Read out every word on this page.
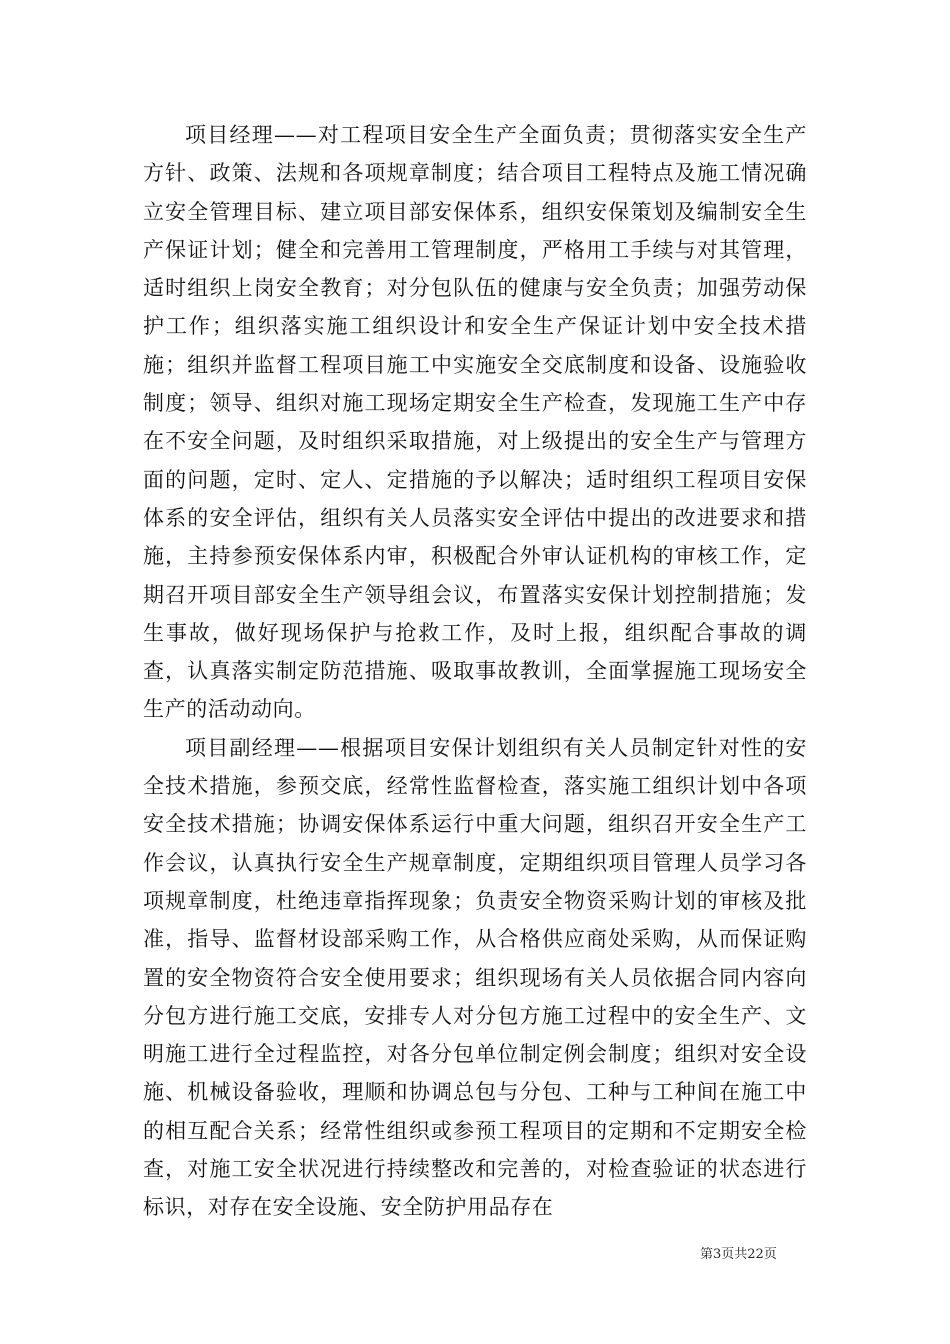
项目经理——对工程项目安全生产全面负责；贯彻落实安全生产方针、政策、法规和各项规章制度；结合项目工程特点及施工情况确立安全管理目标、建立项目部安保体系，组织安保策划及编制安全生产保证计划；健全和完善用工管理制度，严格用工手续与对其管理，适时组织上岗安全教育；对分包队伍的健康与安全负责；加强劳动保护工作；组织落实施工组织设计和安全生产保证计划中安全技术措施；组织并监督工程项目施工中实施安全交底制度和设备、设施验收制度；领导、组织对施工现场定期安全生产检查，发现施工生产中存在不安全问题，及时组织采取措施，对上级提出的安全生产与管理方面的问题，定时、定人、定措施的予以解决；适时组织工程项目安保体系的安全评估，组织有关人员落实安全评估中提出的改进要求和措施，主持参预安保体系内审，积极配合外审认证机构的审核工作，定期召开项目部安全生产领导组会议，布置落实安保计划控制措施；发生事故，做好现场保护与抢救工作，及时上报，组织配合事故的调查，认真落实制定防范措施、吸取事故教训，全面掌握施工现场安全生产的活动动向。

项目副经理——根据项目安保计划组织有关人员制定针对性的安全技术措施，参预交底，经常性监督检查，落实施工组织计划中各项安全技术措施；协调安保体系运行中重大问题，组织召开安全生产工作会议，认真执行安全生产规章制度，定期组织项目管理人员学习各项规章制度，杜绝违章指挥现象；负责安全物资采购计划的审核及批准，指导、监督材设部采购工作，从合格供应商处采购，从而保证购置的安全物资符合安全使用要求；组织现场有关人员依据合同内容向分包方进行施工交底，安排专人对分包方施工过程中的安全生产、文明施工进行全过程监控，对各分包单位制定例会制度；组织对安全设施、机械设备验收，理顺和协调总包与分包、工种与工种间在施工中的相互配合关系；经常性组织或参预工程项目的定期和不定期安全检查，对施工安全状况进行持续整改和完善的，对检查验证的状态进行标识，对存在安全设施、安全防护用品存在

第3页共22页
